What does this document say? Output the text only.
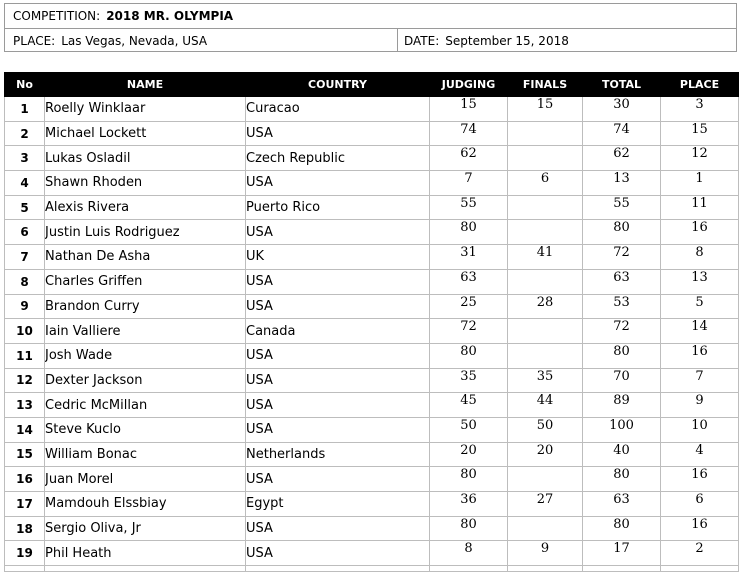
COMPETITION: 2018 MR. OLYMPIA
PLACE: Las Vegas, Nevada, USA	DATE: September 15, 2018
No	NAME	COUNTRY	JUDGING	FINALS	TOTAL	PLACE
1	Roelly Winklaar	Curacao	15	15	30	3
2	Michael Lockett	USA	74		74	15
3	Lukas Osladil	Czech Republic	62		62	12
4	Shawn Rhoden	USA	7	6	13	1
5	Alexis Rivera	Puerto Rico	55		55	11
6	Justin Luis Rodriguez	USA	80		80	16
7	Nathan De Asha	UK	31	41	72	8
8	Charles Griffen	USA	63		63	13
9	Brandon Curry	USA	25	28	53	5
10	Iain Valliere	Canada	72		72	14
11	Josh Wade	USA	80		80	16
12	Dexter Jackson	USA	35	35	70	7
13	Cedric McMillan	USA	45	44	89	9
14	Steve Kuclo	USA	50	50	100	10
15	William Bonac	Netherlands	20	20	40	4
16	Juan Morel	USA	80		80	16
17	Mamdouh Elssbiay	Egypt	36	27	63	6
18	Sergio Oliva, Jr	USA	80		80	16
19	Phil Heath	USA	8	9	17	2
